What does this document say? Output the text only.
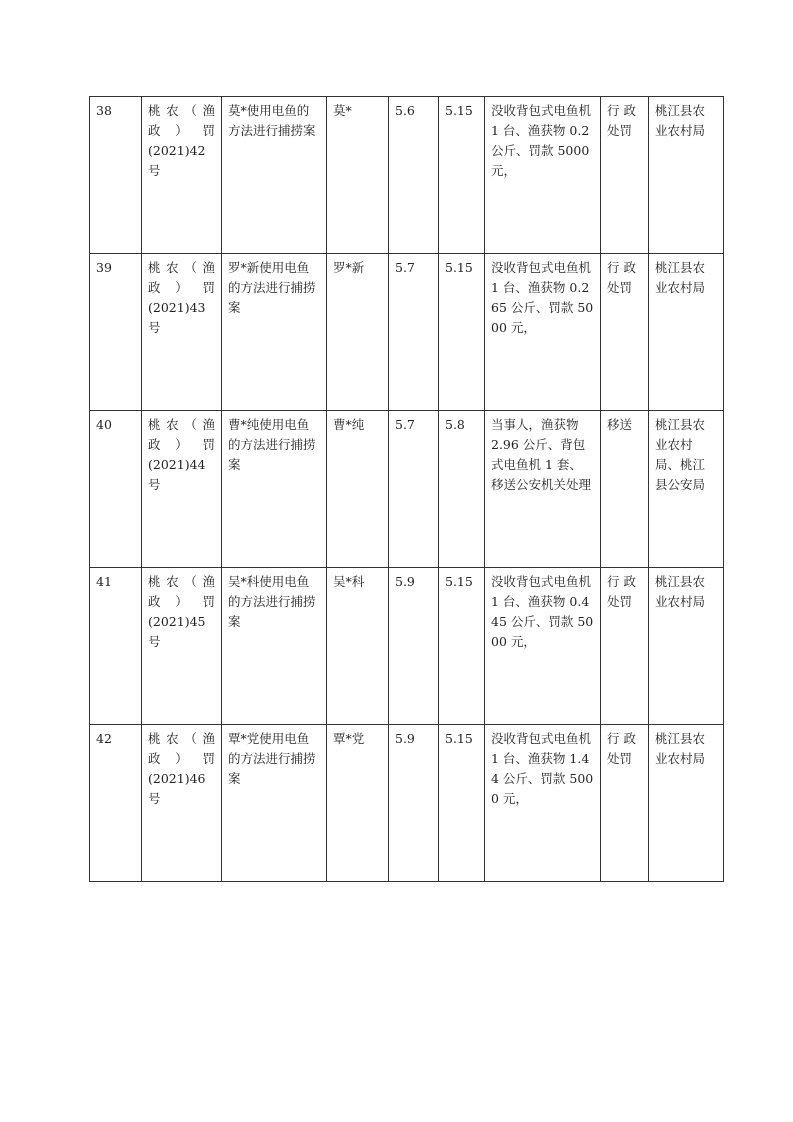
38	桃农（渔
政）罚
(2021)42
号	莫*使用电鱼的方法进行捕捞案	莫*	5.6	5.15	没收背包式电鱼机 1 台、渔获物 0.2 公斤、罚款 5000 元，	行 政 处罚	桃江县农业农村局
39	桃农（渔
政）罚
(2021)43
号	罗*新使用电鱼的方法进行捕捞案	罗*新	5.7	5.15	没收背包式电鱼机 1 台、渔获物 0.265 公斤、罚款 5000 元，	行 政 处罚	桃江县农业农村局
40	桃农（渔
政）罚
(2021)44
号	曹*纯使用电鱼的方法进行捕捞案	曹*纯	5.7	5.8	当事人，渔获物 2.96 公斤、背包式电鱼机 1 套、移送公安机关处理	移送	桃江县农业农村局、桃江县公安局
41	桃农（渔
政）罚
(2021)45
号	吴*科使用电鱼的方法进行捕捞案	吴*科	5.9	5.15	没收背包式电鱼机 1 台、渔获物 0.445 公斤、罚款 5000 元，	行 政 处罚	桃江县农业农村局
42	桃农（渔
政）罚
(2021)46
号	覃*党使用电鱼的方法进行捕捞案	覃*党	5.9	5.15	没收背包式电鱼机 1 台、渔获物 1.44 公斤、罚款 5000 元，	行 政 处罚	桃江县农业农村局
